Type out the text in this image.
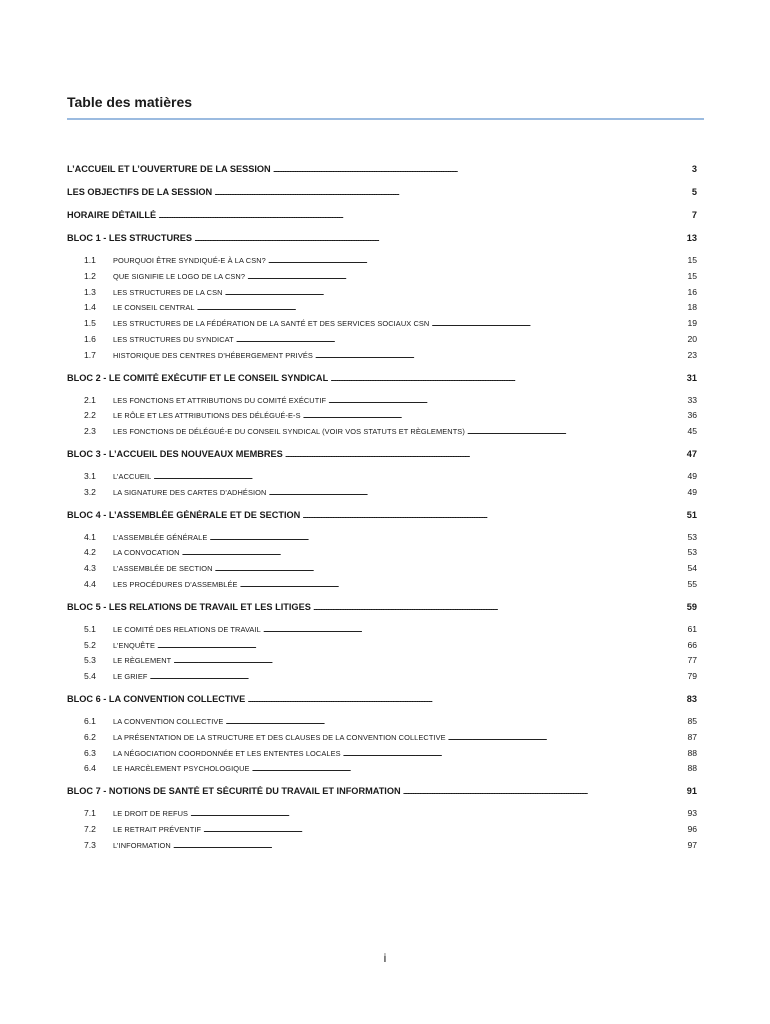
Table des matières
L’ACCUEIL ET L’OUVERTURE DE LA SESSION . . .	3
LES OBJECTIFS DE LA SESSION . . .	5
HORAIRE DÉTAILLÉ . . .	7
BLOC 1 - LES STRUCTURES . . .	13
1.1	POURQUOI ÊTRE SYNDIQUÉ-E À LA CSN? . . .	15
1.2	QUE SIGNIFIE LE LOGO DE LA CSN? . . .	15
1.3	LES STRUCTURES DE LA CSN . . .	16
1.4	LE CONSEIL CENTRAL . . .	18
1.5	LES STRUCTURES DE LA FÉDÉRATION DE LA SANTÉ ET DES SERVICES SOCIAUX CSN . . .	19
1.6	LES STRUCTURES DU SYNDICAT . . .	20
1.7	HISTORIQUE DES CENTRES D’HÉBERGEMENT PRIVÉS . . .	23
BLOC 2 - LE COMITÉ EXÉCUTIF ET LE CONSEIL SYNDICAL . . .	31
2.1	LES FONCTIONS ET ATTRIBUTIONS DU COMITÉ EXÉCUTIF . . .	33
2.2	LE RÔLE ET LES ATTRIBUTIONS DES DÉLÉGUÉ-E-S . . .	36
2.3	LES FONCTIONS DE DÉLÉGUÉ-E DU CONSEIL SYNDICAL (VOIR VOS STATUTS ET RÈGLEMENTS) . . .	45
BLOC 3 - L’ACCUEIL DES NOUVEAUX MEMBRES . . .	47
3.1	L’ACCUEIL . . .	49
3.2	LA SIGNATURE DES CARTES D’ADHÉSION . . .	49
BLOC 4 - L’ASSEMBLÉE GÉNÉRALE ET DE SECTION . . .	51
4.1	L’ASSEMBLÉE GÉNÉRALE . . .	53
4.2	LA CONVOCATION . . .	53
4.3	L’ASSEMBLÉE DE SECTION . . .	54
4.4	LES PROCÉDURES D’ASSEMBLÉE . . .	55
BLOC 5 - LES RELATIONS DE TRAVAIL ET LES LITIGES . . .	59
5.1	LE COMITÉ DES RELATIONS DE TRAVAIL . . .	61
5.2	L’ENQUÊTE . . .	66
5.3	LE RÈGLEMENT . . .	77
5.4	LE GRIEF . . .	79
BLOC 6 - LA CONVENTION COLLECTIVE . . .	83
6.1	LA CONVENTION COLLECTIVE . . .	85
6.2	LA PRÉSENTATION DE LA STRUCTURE ET DES CLAUSES DE LA CONVENTION COLLECTIVE . . .	87
6.3	LA NÉGOCIATION COORDONNÉE ET LES ENTENTES LOCALES . . .	88
6.4	LE HARCÈLEMENT PSYCHOLOGIQUE . . .	88
BLOC 7 - NOTIONS DE SANTÉ ET SÉCURITÉ DU TRAVAIL ET INFORMATION . . .	91
7.1	LE DROIT DE REFUS . . .	93
7.2	LE RETRAIT PRÉVENTIF . . .	96
7.3	L’INFORMATION . . .	97
i
